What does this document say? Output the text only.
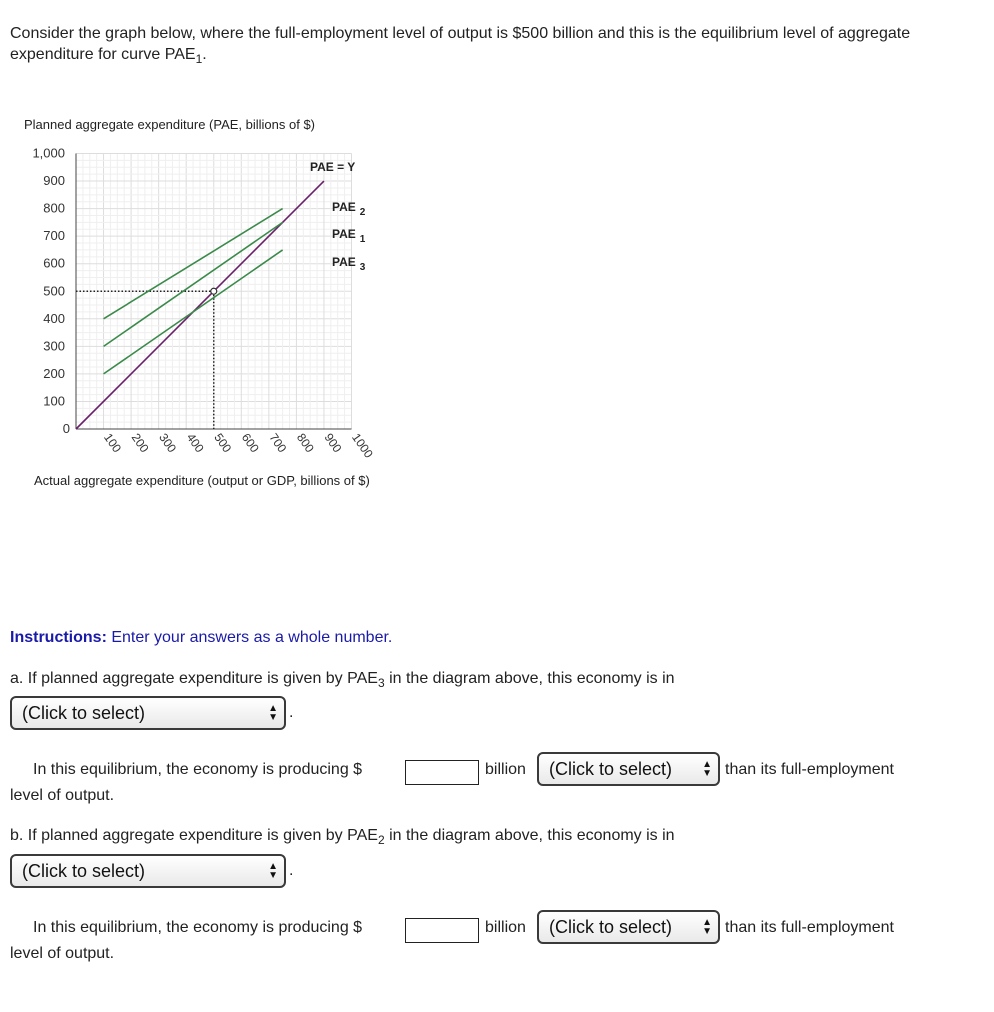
Consider the graph below, where the full-employment level of output is $500 billion and this is the equilibrium level of aggregate expenditure for curve $PAE_1$.
Planned aggregate expenditure (PAE, billions of $)
Actual aggregate expenditure (output or GDP, billions of $)
0
100
200
300
400
500
600
700
800
900
1,000
100 200 300 400 500 600 700 800 900 1000
PAE = Y
PAE $_2$
PAE $_1$
PAE $_3$
Instructions: Enter your answers as a whole number.
a. If planned aggregate expenditure is given by $PAE_3$ in the diagram above, this economy is in
(Click to select)	▲
▼ .
In this equilibrium, the economy is producing $	billion	(Click to select)	▲
▼ than its full-employment
level of output.
b. If planned aggregate expenditure is given by $PAE_2$ in the diagram above, this economy is in
(Click to select)	▲
▼ .
In this equilibrium, the economy is producing $	billion	(Click to select)	▲
▼ than its full-employment
level of output.
